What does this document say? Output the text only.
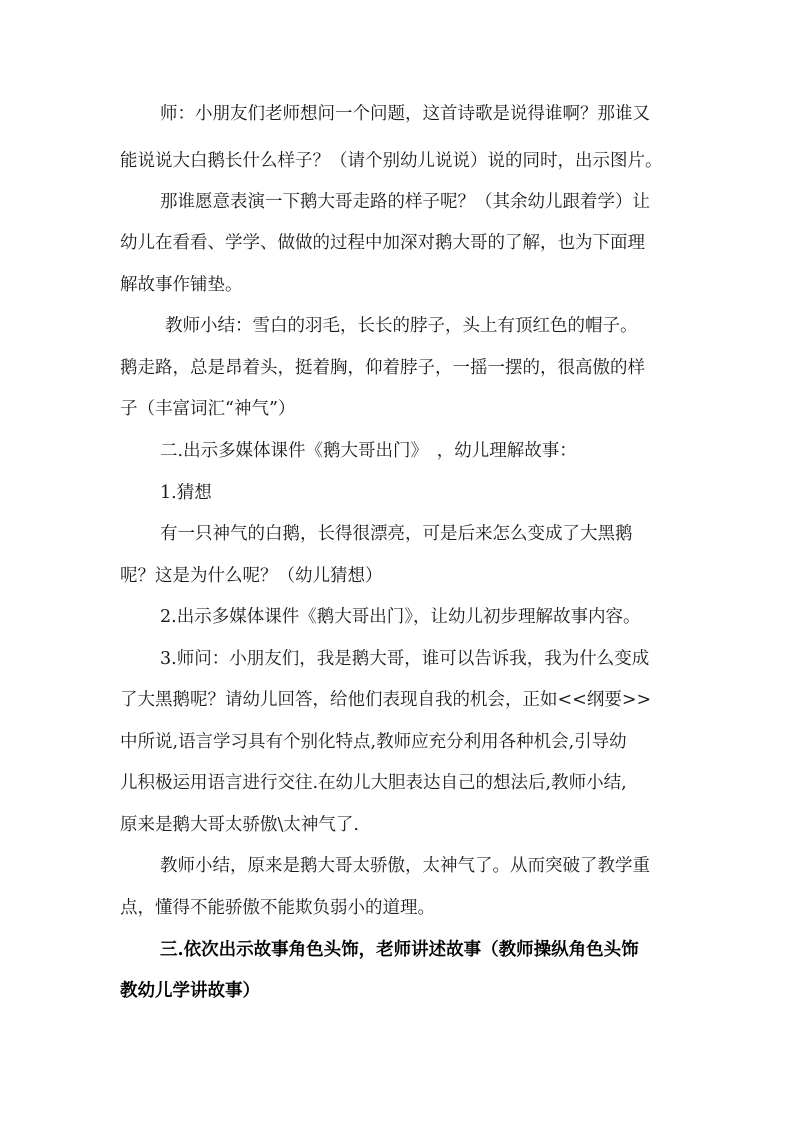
师：小朋友们老师想问一个问题，这首诗歌是说得谁啊？那谁又
能说说大白鹅长什么样子？（请个别幼儿说说）说的同时，出示图片。
那谁愿意表演一下鹅大哥走路的样子呢？（其余幼儿跟着学）让
幼儿在看看、学学、做做的过程中加深对鹅大哥的了解，也为下面理
解故事作铺垫。
教师小结：雪白的羽毛，长长的脖子，头上有顶红色的帽子。
鹅走路，总是昂着头，挺着胸，仰着脖子，一摇一摆的，很高傲的样
子（丰富词汇“神气”）
二.出示多媒体课件《鹅大哥出门》　，幼儿理解故事：
1.猜想
有一只神气的白鹅，长得很漂亮，可是后来怎么变成了大黑鹅
呢？这是为什么呢？（幼儿猜想）
2.出示多媒体课件《鹅大哥出门》，让幼儿初步理解故事内容。
3.师问：小朋友们，我是鹅大哥，谁可以告诉我，我为什么变成
了大黑鹅呢？请幼儿回答，给他们表现自我的机会，正如<<纲要>>
中所说,语言学习具有个别化特点,教师应充分利用各种机会,引导幼
儿积极运用语言进行交往.在幼儿大胆表达自己的想法后,教师小结,
原来是鹅大哥太骄傲\太神气了.
教师小结，原来是鹅大哥太骄傲，太神气了。从而突破了教学重
点，懂得不能骄傲不能欺负弱小的道理。
三.依次出示故事角色头饰，老师讲述故事（教师操纵角色头饰
教幼儿学讲故事）
